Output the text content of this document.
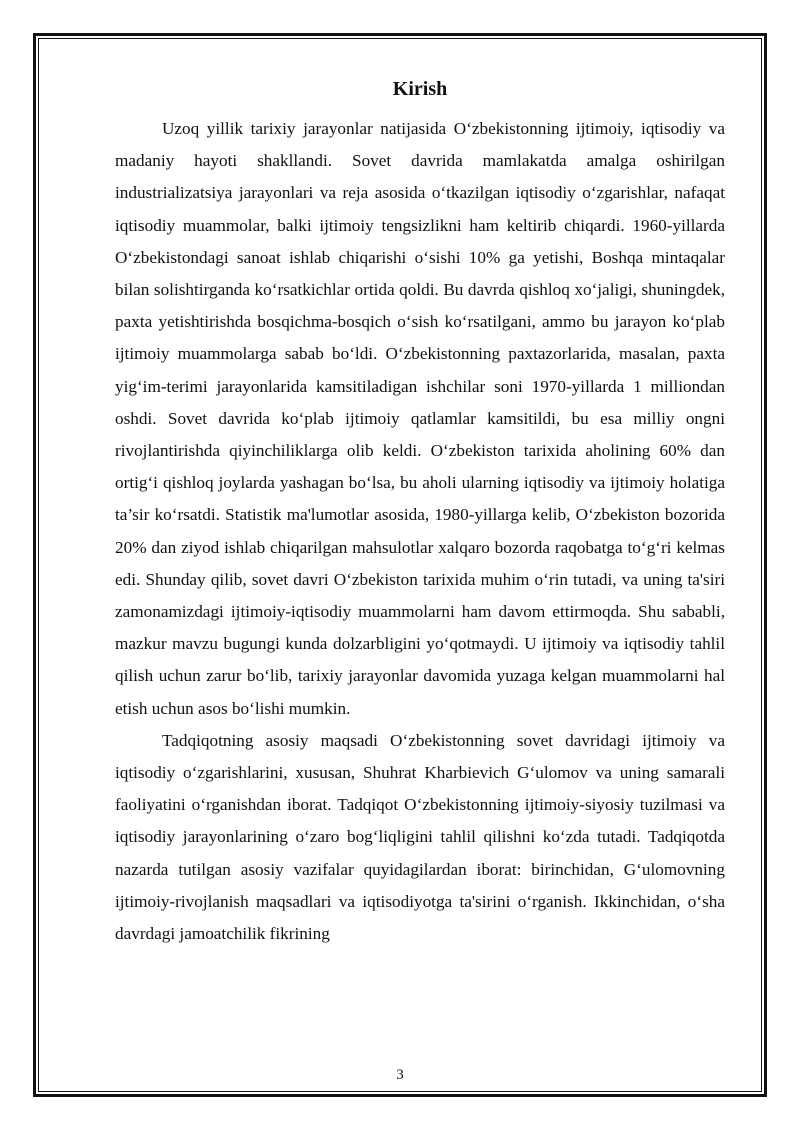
Kirish

Uzoq yillik tarixiy jarayonlar natijasida O‘zbekistonning ijtimoiy, iqtisodiy va madaniy hayoti shakllandi. Sovet davrida mamlakatda amalga oshirilgan industrializatsiya jarayonlari va reja asosida o‘tkazilgan iqtisodiy o‘zgarishlar, nafaqat iqtisodiy muammolar, balki ijtimoiy tengsizlikni ham keltirib chiqardi. 1960-yillarda O‘zbekistondagi sanoat ishlab chiqarishi o‘sishi 10% ga yetishi, Boshqa mintaqalar bilan solishtirganda ko‘rsatkichlar ortida qoldi. Bu davrda qishloq xo‘jaligi, shuningdek, paxta yetishtirishda bosqichma-bosqich o‘sish ko‘rsatilgani, ammo bu jarayon ko‘plab ijtimoiy muammolarga sabab bo‘ldi. O‘zbekistonning paxtazorlarida, masalan, paxta yig‘im-terimi jarayonlarida kamsitiladigan ishchilar soni 1970-yillarda 1 milliondan oshdi. Sovet davrida ko‘plab ijtimoiy qatlamlar kamsitildi, bu esa milliy ongni rivojlantirishda qiyinchiliklarga olib keldi. O‘zbekiston tarixida aholining 60% dan ortig‘i qishloq joylarda yashagan bo‘lsa, bu aholi ularning iqtisodiy va ijtimoiy holatiga ta’sir ko‘rsatdi. Statistik ma'lumotlar asosida, 1980-yillarga kelib, O‘zbekiston bozorida 20% dan ziyod ishlab chiqarilgan mahsulotlar xalqaro bozorda raqobatga to‘g‘ri kelmas edi. Shunday qilib, sovet davri O‘zbekiston tarixida muhim o‘rin tutadi, va uning ta'siri zamonamizdagi ijtimoiy-iqtisodiy muammolarni ham davom ettirmoqda. Shu sababli, mazkur mavzu bugungi kunda dolzarbligini yo‘qotmaydi. U ijtimoiy va iqtisodiy tahlil qilish uchun zarur bo‘lib, tarixiy jarayonlar davomida yuzaga kelgan muammolarni hal etish uchun asos bo‘lishi mumkin.

Tadqiqotning asosiy maqsadi O‘zbekistonning sovet davridagi ijtimoiy va iqtisodiy o‘zgarishlarini, xususan, Shuhrat Kharbievich G‘ulomov va uning samarali faoliyatini o‘rganishdan iborat. Tadqiqot O‘zbekistonning ijtimoiy-siyosiy tuzilmasi va iqtisodiy jarayonlarining o‘zaro bog‘liqligini tahlil qilishni ko‘zda tutadi. Tadqiqotda nazarda tutilgan asosiy vazifalar quyidagilardan iborat: birinchidan, G‘ulomovning ijtimoiy-rivojlanish maqsadlari va iqtisodiyotga ta'sirini o‘rganish. Ikkinchidan, o‘sha davrdagi jamoatchilik fikrining

3
